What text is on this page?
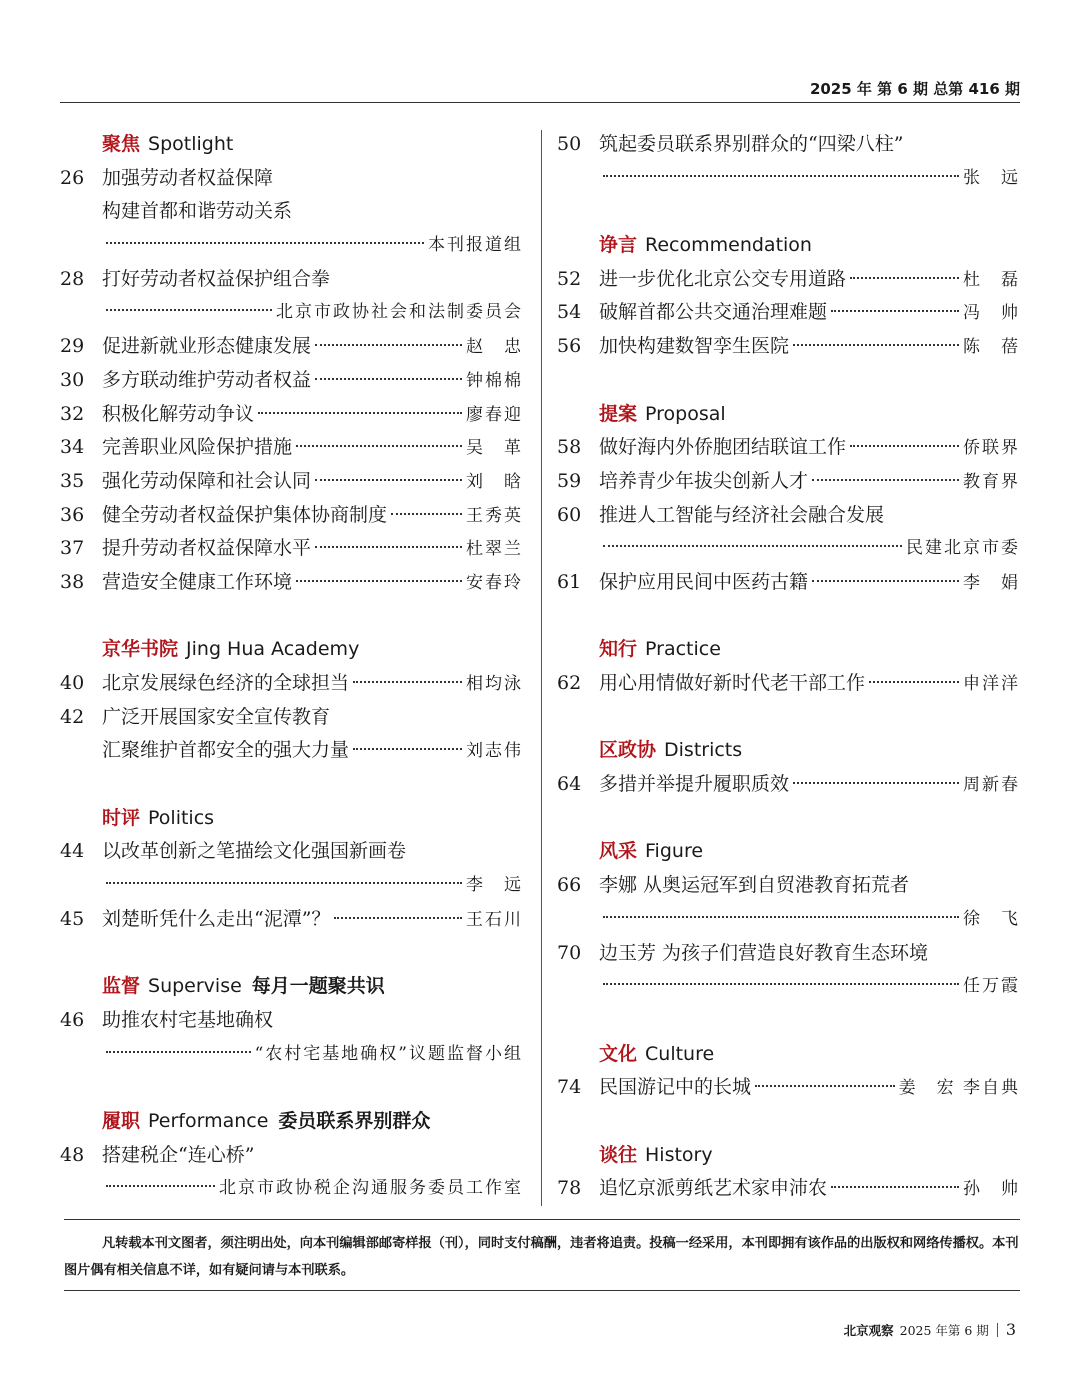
2025 年 第 6 期 总第 416 期
聚焦 Spotlight
26 加强劳动者权益保障
构建首都和谐劳动关系
本刊报道组
28 打好劳动者权益保护组合拳
北京市政协社会和法制委员会
29 促进新就业形态健康发展	赵　忠
30 多方联动维护劳动者权益	钟棉棉
32 积极化解劳动争议	廖春迎
34 完善职业风险保护措施	吴　革
35 强化劳动保障和社会认同	刘　晗
36 健全劳动者权益保护集体协商制度	王秀英
37 提升劳动者权益保障水平	杜翠兰
38 营造安全健康工作环境	安春玲
京华书院 Jing Hua Academy
40 北京发展绿色经济的全球担当	相均泳
42 广泛开展国家安全宣传教育
汇聚维护首都安全的强大力量	刘志伟
时评 Politics
44 以改革创新之笔描绘文化强国新画卷
李　远
45 刘楚昕凭什么走出“泥潭”？	王石川
监督 Supervise 每月一题聚共识
46 助推农村宅基地确权
“农村宅基地确权”议题监督小组
履职 Performance 委员联系界别群众
48 搭建税企“连心桥”
北京市政协税企沟通服务委员工作室
50 筑起委员联系界别群众的“四梁八柱”
张　远
诤言 Recommendation
52 进一步优化北京公交专用道路	杜　磊
54 破解首都公共交通治理难题	冯　帅
56 加快构建数智孪生医院	陈　蓓
提案 Proposal
58 做好海内外侨胞团结联谊工作	侨联界
59 培养青少年拔尖创新人才	教育界
60 推进人工智能与经济社会融合发展
民建北京市委
61 保护应用民间中医药古籍	李　娟
知行 Practice
62 用心用情做好新时代老干部工作	申洋洋
区政协 Districts
64 多措并举提升履职质效	周新春
风采 Figure
66 李娜 从奥运冠军到自贸港教育拓荒者
徐　飞
70 边玉芳 为孩子们营造良好教育生态环境
任万霞
文化 Culture
74 民国游记中的长城	姜　宏 李自典
谈往 History
78 追忆京派剪纸艺术家申沛农	孙　帅
凡转载本刊文图者，须注明出处，向本刊编辑部邮寄样报（刊），同时支付稿酬，违者将追责。投稿一经采用，本刊即拥有该作品的出版权和网络传播权。本刊图片偶有相关信息不详，如有疑问请与本刊联系。
北京观察 2025 年第 6 期 3
